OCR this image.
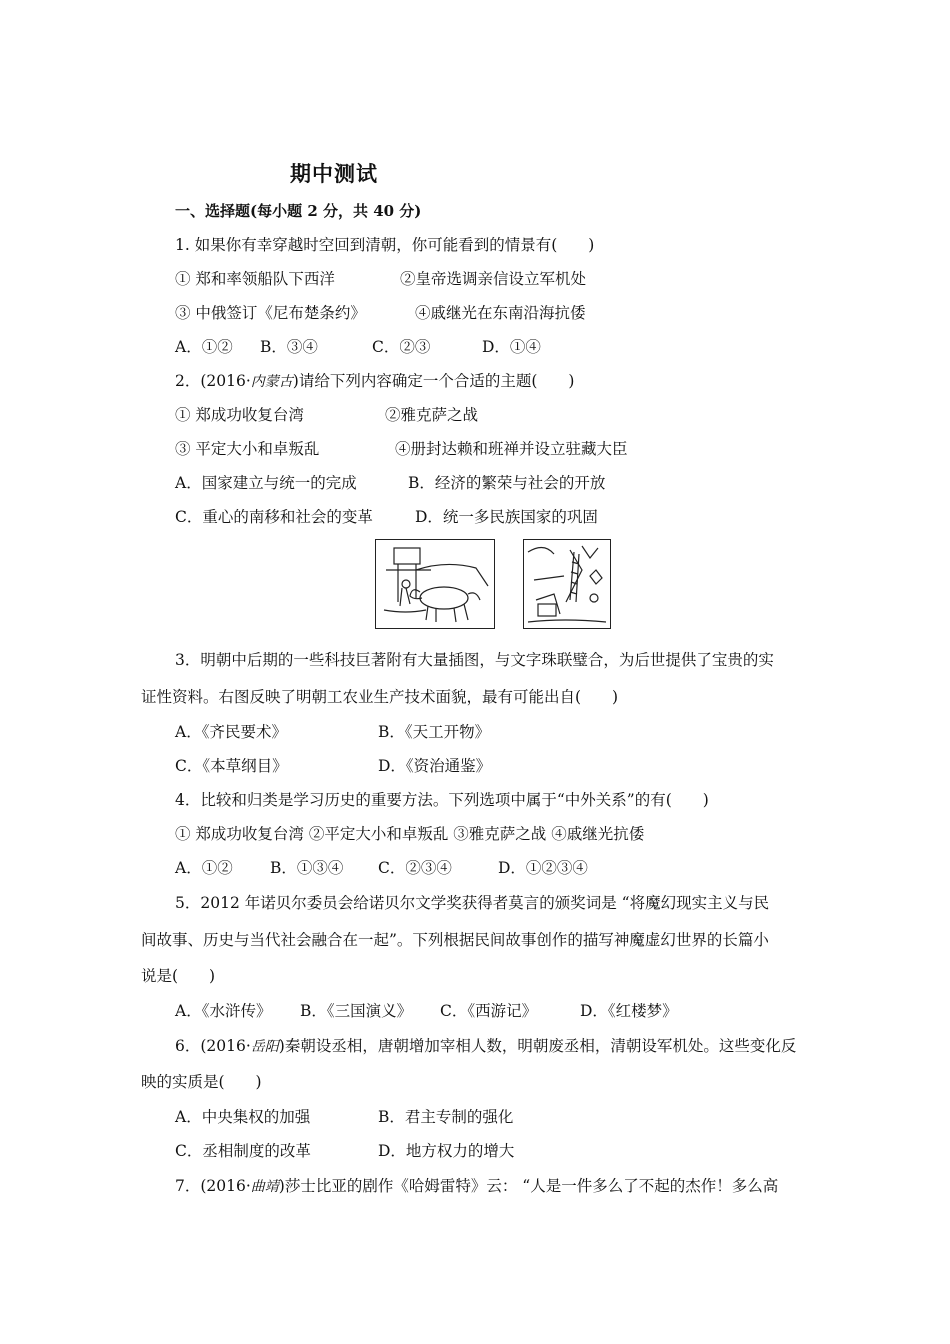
期中测试
一、选择题(每小题 2 分，共 40 分)
1. 如果你有幸穿越时空回到清朝，你可能看到的情景有(　　)
① 郑和率领船队下西洋	②皇帝选调亲信设立军机处
③ 中俄签订《尼布楚条约》	④戚继光在东南沿海抗倭
A．①② B．③④	C．②③	D．①④
2．(2016·内蒙古)请给下列内容确定一个合适的主题(　　)
① 郑成功收复台湾	②雅克萨之战
③ 平定大小和卓叛乱	④册封达赖和班禅并设立驻藏大臣
A．国家建立与统一的完成	B．经济的繁荣与社会的开放
C．重心的南移和社会的变革	D．统一多民族国家的巩固
3．明朝中后期的一些科技巨著附有大量插图，与文字珠联璧合，为后世提供了宝贵的实
证性资料。右图反映了明朝工农业生产技术面貌，最有可能出自(　　)
A．《齐民要术》	B．《天工开物》
C．《本草纲目》	D．《资治通鉴》
4．比较和归类是学习历史的重要方法。下列选项中属于“中外关系”的有(　　)
① 郑成功收复台湾 ②平定大小和卓叛乱 ③雅克萨之战 ④戚继光抗倭
A．①② B．①③④ C．②③④	D．①②③④
5．2012 年诺贝尔委员会给诺贝尔文学奖获得者莫言的颁奖词是 “将魔幻现实主义与民
间故事、历史与当代社会融合在一起”。下列根据民间故事创作的描写神魔虚幻世界的长篇小
说是(　　)
A．《水浒传》 B．《三国演义》 C．《西游记》	D．《红楼梦》
6．(2016·岳阳)秦朝设丞相，唐朝增加宰相人数，明朝废丞相，清朝设军机处。这些变化反
映的实质是(　　)
A．中央集权的加强	B．君主专制的强化
C．丞相制度的改革	D．地方权力的增大
7．(2016·曲靖)莎士比亚的剧作《哈姆雷特》云： “人是一件多么了不起的杰作！多么高
